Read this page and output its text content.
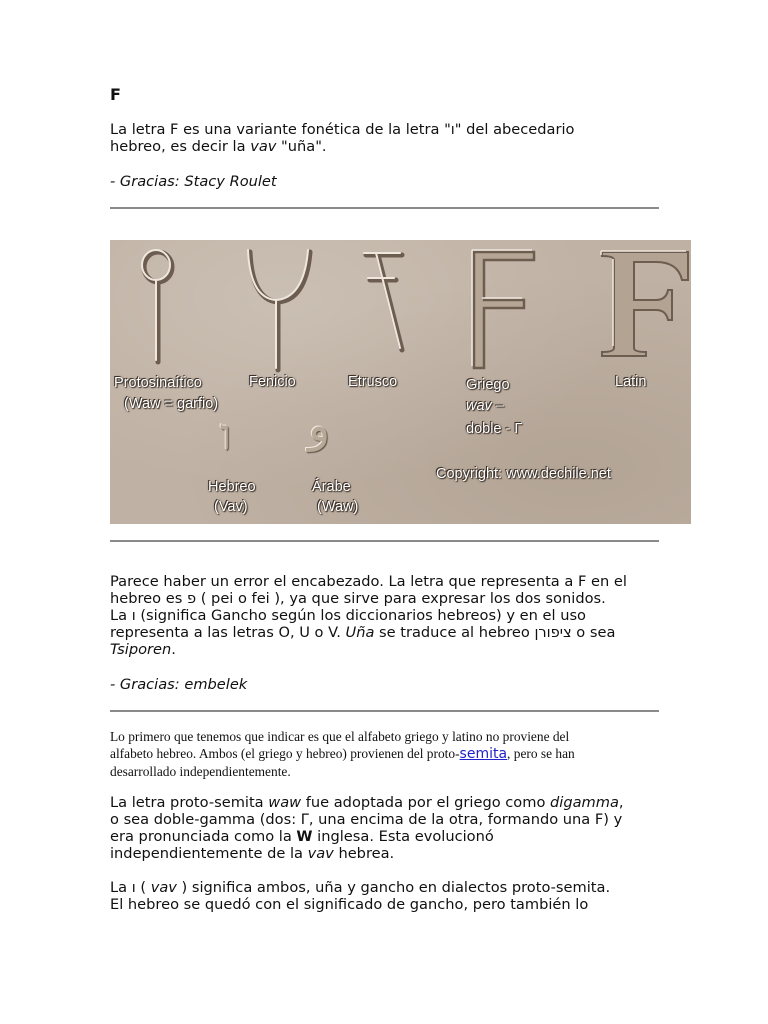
F

La letra F es una variante fonética de la letra "ו" del abecedario
hebreo, es decir la vav "uña".

- Gracias: Stacy Roulet

ו و
Protosinaítico
(Waw = garfio)
Fenicio	Etrusco	Griego
wav –
doble - Γ
Latin
Hebreo
(Vav)
Árabe
(Waw)
Copyright: www.dechile.net

Parece haber un error el encabezado. La letra que representa a F en el
hebreo es פ ( pei o fei ), ya que sirve para expresar los dos sonidos.
La ו (significa Gancho según los diccionarios hebreos) y en el uso
representa a las letras O, U o V. Uña se traduce al hebreo ציפורן o sea
Tsiporen.

- Gracias: embelek

Lo primero que tenemos que indicar es que el alfabeto griego y latino no proviene del
alfabeto hebreo. Ambos (el griego y hebreo) provienen del proto-semita, pero se han
desarrollado independientemente.

La letra proto-semita waw fue adoptada por el griego como digamma,
o sea doble-gamma (dos: Γ, una encima de la otra, formando una F) y
era pronunciada como la W inglesa. Esta evolucionó
independientemente de la vav hebrea.

La ו ( vav ) significa ambos, uña y gancho en dialectos proto-semita.
El hebreo se quedó con el significado de gancho, pero también lo
